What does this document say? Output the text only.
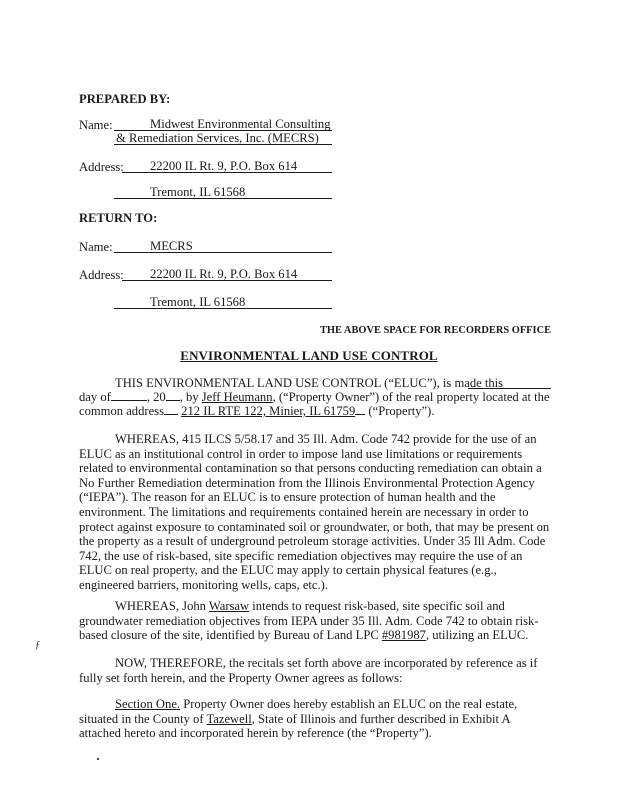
PREPARED BY:
Name:	Midwest Environmental Consulting
& Remediation Services, Inc. (MECRS)
Address: 22200 IL Rt. 9, P.O. Box 614
Tremont, IL 61568
RETURN TO:
Name:	MECRS
Address: 22200 IL Rt. 9, P.O. Box 614
Tremont, IL 61568
THE ABOVE SPACE FOR RECORDERS OFFICE
ENVIRONMENTAL LAND USE CONTROL
THIS ENVIRONMENTAL LAND USE CONTROL (“ELUC”), is made this
day of	, 20 , by Jeff Heumann, (“Property Owner”) of the real property located at the
common address 212 IL RTE 122, Minier, IL 61759 (“Property”).
WHEREAS, 415 ILCS 5/58.17 and 35 Ill. Adm. Code 742 provide for the use of an ELUC as an institutional control in order to impose land use limitations or requirements related to environmental contamination so that persons conducting remediation can obtain a No Further Remediation determination from the Illinois Environmental Protection Agency (“IEPA”). The reason for an ELUC is to ensure protection of human health and the environment. The limitations and requirements contained herein are necessary in order to protect against exposure to contaminated soil or groundwater, or both, that may be present on the property as a result of underground petroleum storage activities. Under 35 Ill Adm. Code 742, the use of risk-based, site specific remediation objectives may require the use of an ELUC on real property, and the ELUC may apply to certain physical features (e.g., engineered barriers, monitoring wells, caps, etc.).
WHEREAS, John Warsaw intends to request risk-based, site specific soil and groundwater remediation objectives from IEPA under 35 Ill. Adm. Code 742 to obtain risk-based closure of the site, identified by Bureau of Land LPC #981987, utilizing an ELUC.
ƒ
NOW, THEREFORE, the recitals set forth above are incorporated by reference as if fully set forth herein, and the Property Owner agrees as follows:
Section One. Property Owner does hereby establish an ELUC on the real estate, situated in the County of Tazewell, State of Illinois and further described in Exhibit A attached hereto and incorporated herein by reference (the “Property”).
